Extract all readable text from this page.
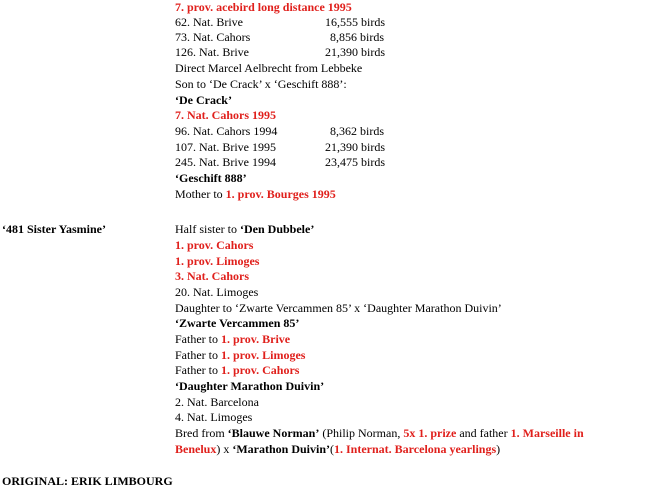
7. prov. acebird long distance 1995
62. Nat. Brive	16,555 birds
73. Nat. Cahors	8,856 birds
126. Nat. Brive	21,390 birds
Direct Marcel Aelbrecht from Lebbeke
Son to ‘De Crack’ x ‘Geschift 888’:
‘De Crack’
7. Nat. Cahors 1995
96. Nat. Cahors 1994	8,362 birds
107. Nat. Brive 1995	21,390 birds
245. Nat. Brive 1994	23,475 birds
‘Geschift 888’
Mother to 1. prov. Bourges 1995
‘481 Sister Yasmine’	Half sister to ‘Den Dubbele’
1. prov. Cahors
1. prov. Limoges
3. Nat. Cahors
20. Nat. Limoges
Daughter to ‘Zwarte Vercammen 85’ x ‘Daughter Marathon Duivin’
‘Zwarte Vercammen 85’
Father to 1. prov. Brive
Father to 1. prov. Limoges
Father to 1. prov. Cahors
‘Daughter Marathon Duivin’
2. Nat. Barcelona
4. Nat. Limoges
Bred from ‘Blauwe Norman’ (Philip Norman, 5x 1. prize and father 1. Marseille in
Benelux) x ‘Marathon Duivin’(1. Internat. Barcelona yearlings)
ORIGINAL: ERIK LIMBOURG
